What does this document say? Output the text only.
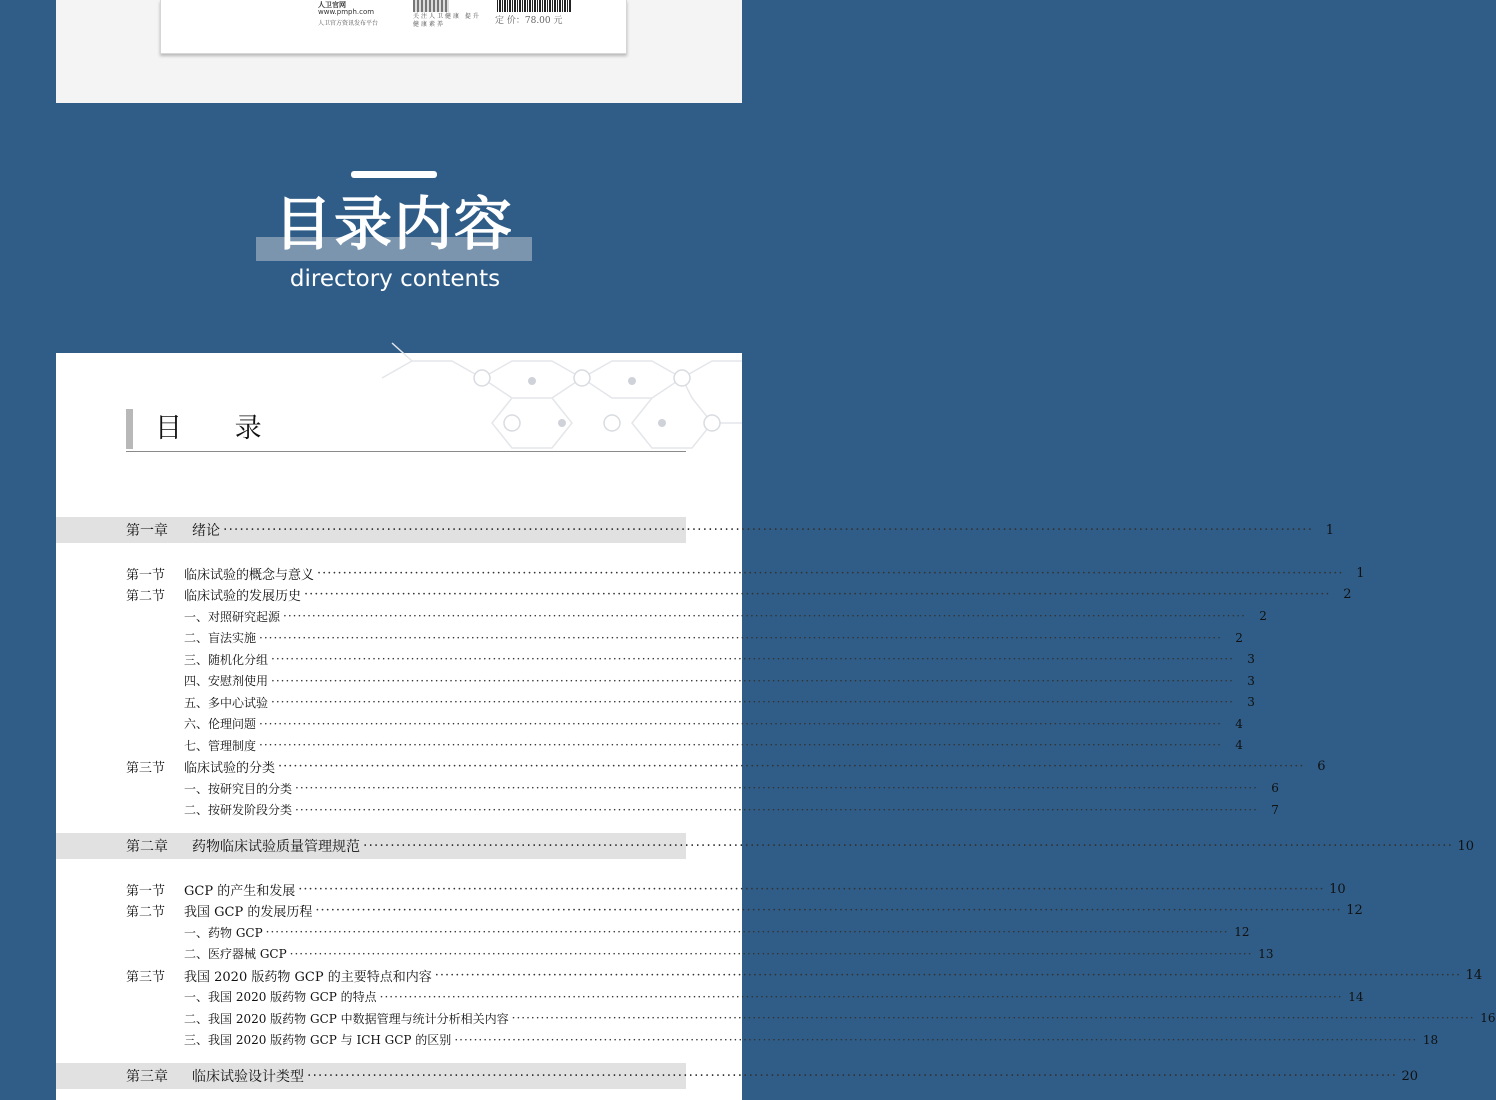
人卫官网
www.pmph.com
人卫官方资讯发布平台
关注人卫健康 提升健康素养	定 价：78.00 元
目录内容
directory contents
目 录
第一章	绪论 ········································································································································································································ 1
第一节	临床试验的概念与意义 ········································································································································································································ 1
第二节	临床试验的发展历史 ········································································································································································································ 2
一、对照研究起源 ········································································································································································································	2
二、盲法实施 ········································································································································································································	2
三、随机化分组 ········································································································································································································	3
四、安慰剂使用 ········································································································································································································	3
五、多中心试验 ········································································································································································································	3
六、伦理问题 ········································································································································································································	4
七、管理制度 ········································································································································································································	4
第三节	临床试验的分类 ········································································································································································································ 6
一、按研究目的分类 ········································································································································································································	6
二、按研发阶段分类 ········································································································································································································	7
第二章	药物临床试验质量管理规范 ········································································································································································································ 10
第一节	GCP 的产生和发展 ········································································································································································································ 10
第二节	我国 GCP 的发展历程 ········································································································································································································ 12
一、药物 GCP ········································································································································································································ 12
二、医疗器械 GCP ········································································································································································································ 13
第三节	我国 2020 版药物 GCP 的主要特点和内容 ········································································································································································································ 14
一、我国 2020 版药物 GCP 的特点 ········································································································································································································ 14
二、我国 2020 版药物 GCP 中数据管理与统计分析相关内容 ········································································································································································································ 16
三、我国 2020 版药物 GCP 与 ICH GCP 的区别 ········································································································································································································ 18
第三章	临床试验设计类型 ········································································································································································································ 20
